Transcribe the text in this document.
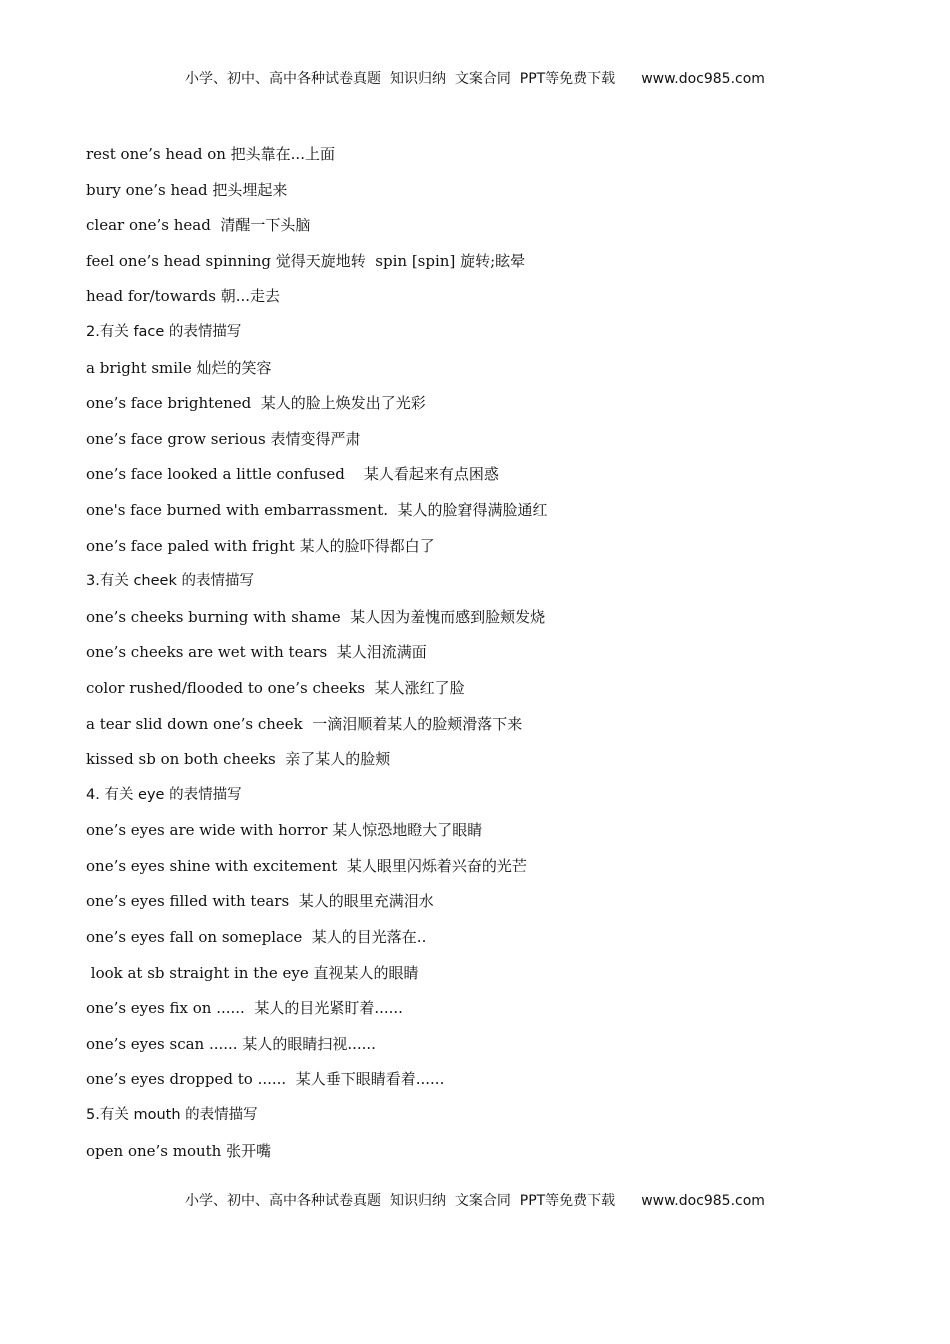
小学、初中、高中各种试卷真题  知识归纳  文案合同  PPT等免费下载 www.doc985.com
rest one’s head on 把头靠在...上面
bury one’s head 把头埋起来
clear one’s head  清醒一下头脑
feel one’s head spinning 觉得天旋地转  spin [spin] 旋转;眩晕
head for/towards 朝...走去
2.有关 face 的表情描写
a bright smile 灿烂的笑容
one’s face brightened  某人的脸上焕发出了光彩
one’s face grow serious 表情变得严肃
one’s face looked a little confused    某人看起来有点困惑
one's face burned with embarrassment.  某人的脸窘得满脸通红
one’s face paled with fright 某人的脸吓得都白了
3.有关 cheek 的表情描写
one’s cheeks burning with shame  某人因为羞愧而感到脸颊发烧
one’s cheeks are wet with tears  某人泪流满面
color rushed/flooded to one’s cheeks  某人涨红了脸
a tear slid down one’s cheek  一滴泪顺着某人的脸颊滑落下来
kissed sb on both cheeks  亲了某人的脸颊
4. 有关 eye 的表情描写
one’s eyes are wide with horror 某人惊恐地瞪大了眼睛
one’s eyes shine with excitement  某人眼里闪烁着兴奋的光芒
one’s eyes filled with tears  某人的眼里充满泪水
one’s eyes fall on someplace  某人的目光落在..
look at sb straight in the eye 直视某人的眼睛
one’s eyes fix on ......  某人的目光紧盯着......
one’s eyes scan ...... 某人的眼睛扫视......
one’s eyes dropped to ......  某人垂下眼睛看着......
5.有关 mouth 的表情描写
open one’s mouth 张开嘴
小学、初中、高中各种试卷真题  知识归纳  文案合同  PPT等免费下载 www.doc985.com
